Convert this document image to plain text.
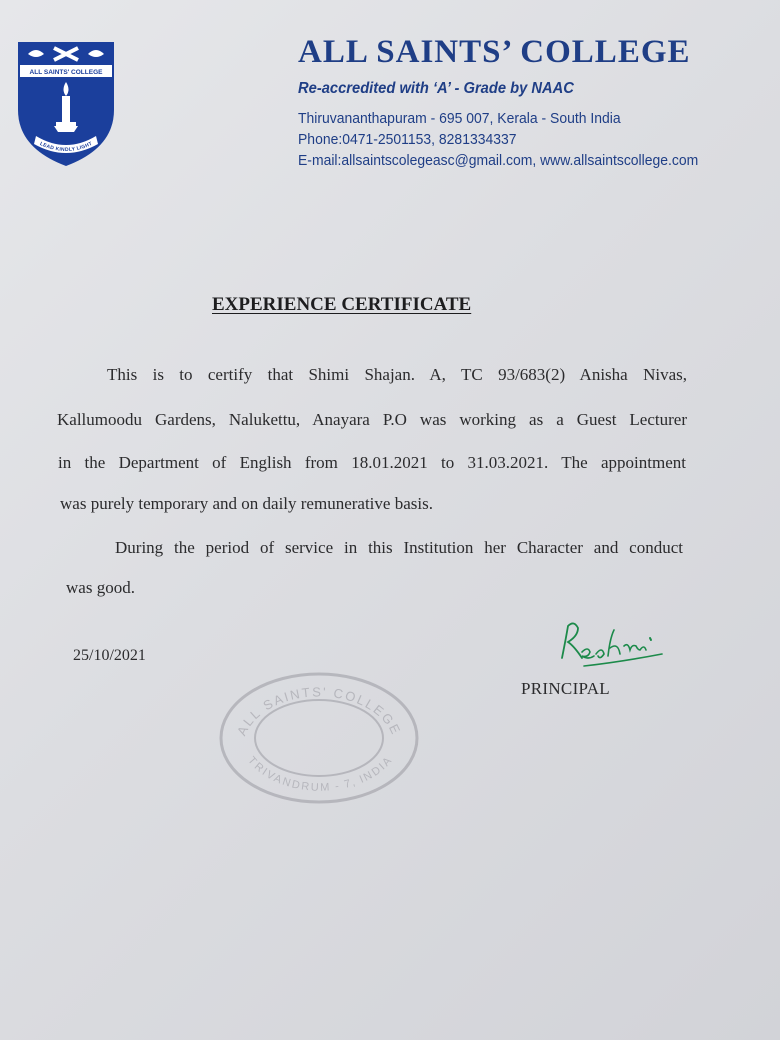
ALL SAINTS' COLLEGE
LEAD KINDLY LIGHT
ALL SAINTS’ COLLEGE
Re-accredited with ‘A’ - Grade by NAAC
Thiruvananthapuram - 695 007, Kerala - South India
Phone:0471-2501153, 8281334337
E-mail:allsaintscolegeasc@gmail.com, www.allsaintscollege.com
EXPERIENCE CERTIFICATE
This is to certify that Shimi Shajan. A, TC 93/683(2) Anisha Nivas,
Kallumoodu Gardens, Nalukettu, Anayara P.O was working as a Guest Lecturer
in the Department of English from 18.01.2021 to 31.03.2021. The appointment
was purely temporary and on daily remunerative basis.
During the period of service in this Institution her Character and conduct
was good.
25/10/2021
PRINCIPAL
ALL SAINTS' COLLEGE
TRIVANDRUM - 7, INDIA
